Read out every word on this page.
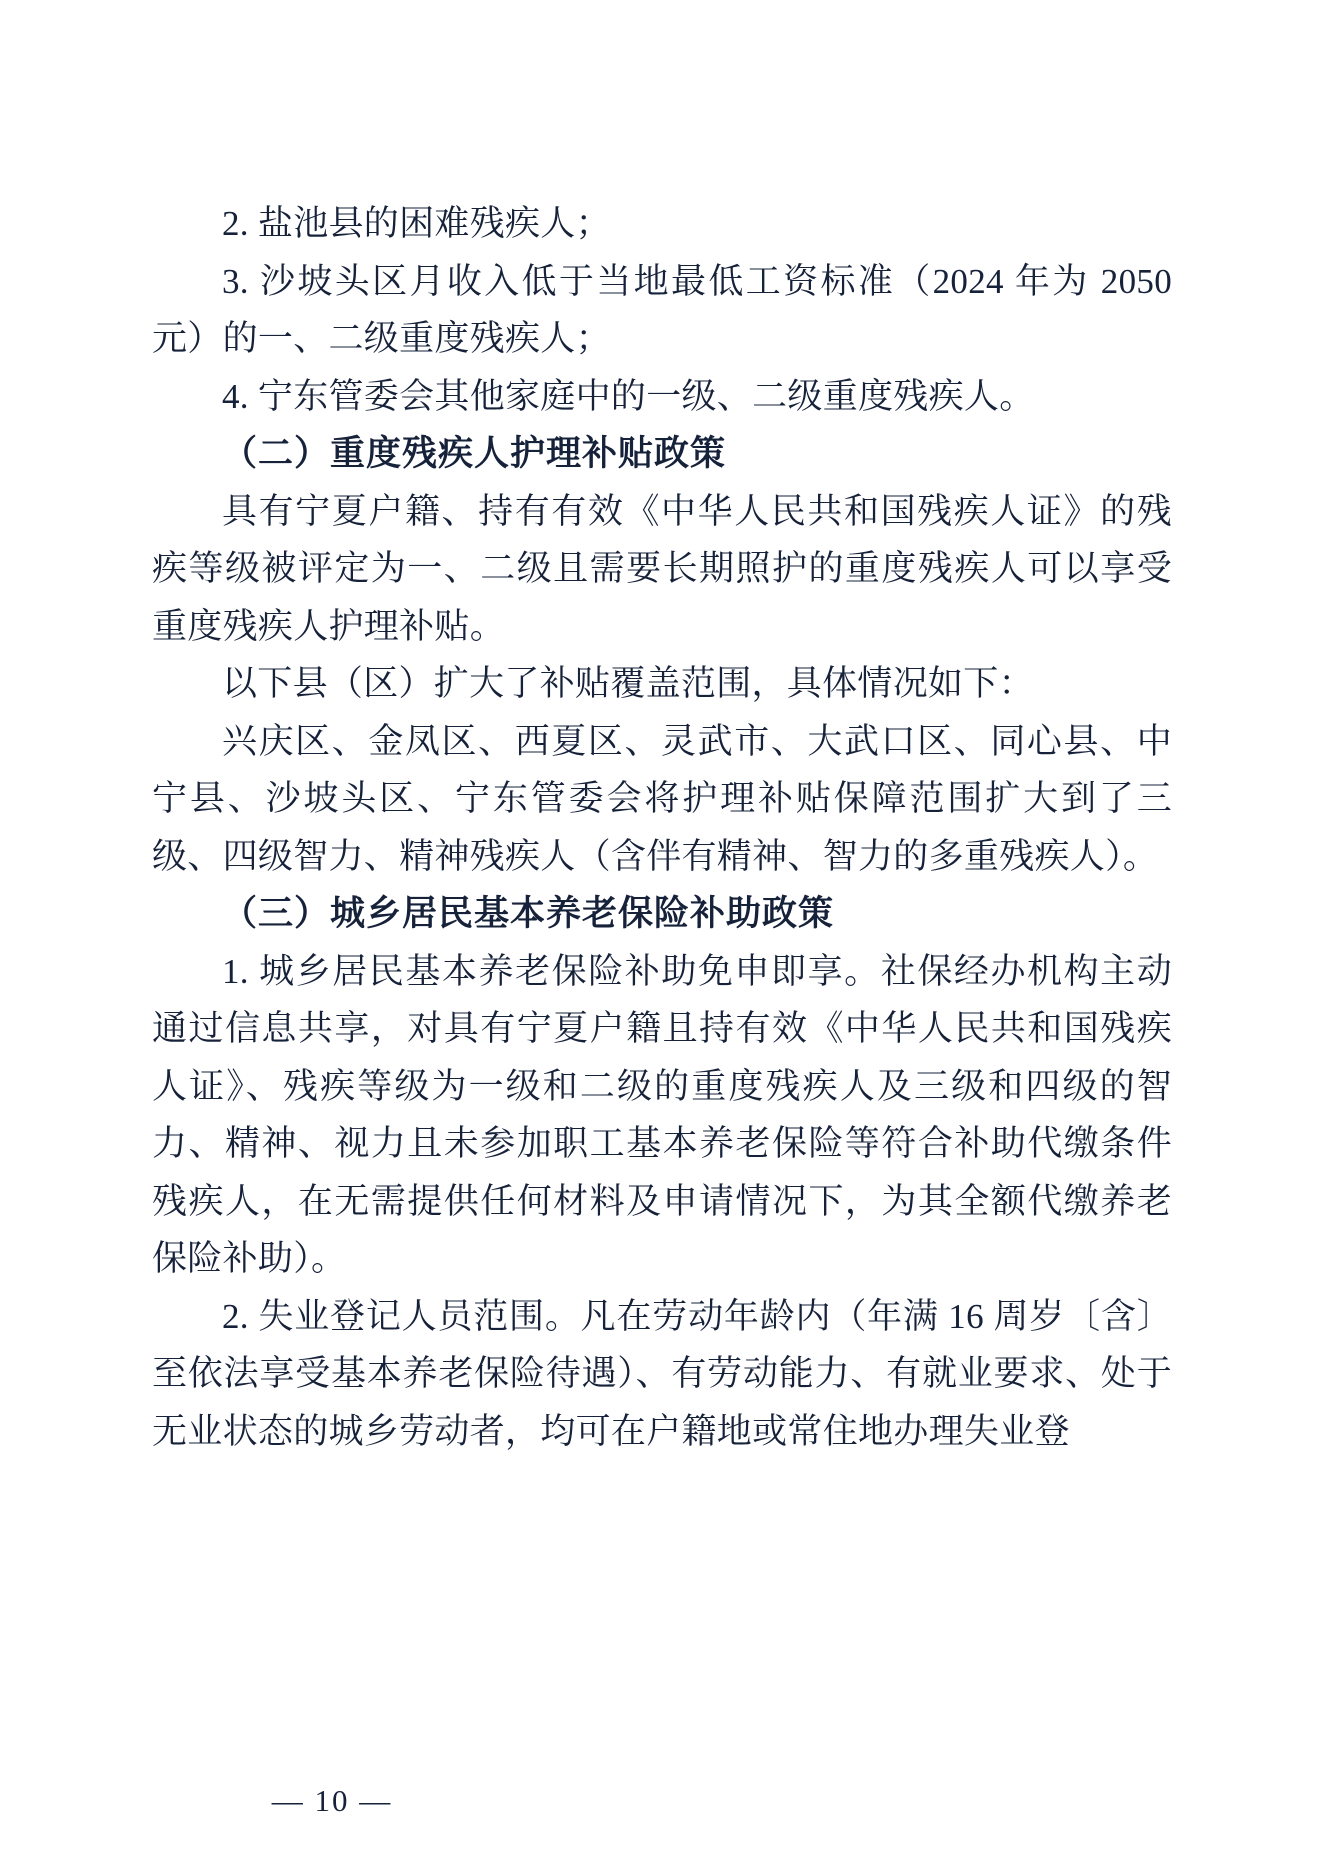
2. 盐池县的困难残疾人；

3. 沙坡头区月收入低于当地最低工资标准（2024 年为 2050 元）的一、二级重度残疾人；

4. 宁东管委会其他家庭中的一级、二级重度残疾人。

（二）重度残疾人护理补贴政策

具有宁夏户籍、持有有效《中华人民共和国残疾人证》的残疾等级被评定为一、二级且需要长期照护的重度残疾人可以享受重度残疾人护理补贴。

以下县（区）扩大了补贴覆盖范围，具体情况如下：

兴庆区、金凤区、西夏区、灵武市、大武口区、同心县、中宁县、沙坡头区、宁东管委会将护理补贴保障范围扩大到了三级、四级智力、精神残疾人（含伴有精神、智力的多重残疾人）。

（三）城乡居民基本养老保险补助政策

1. 城乡居民基本养老保险补助免申即享。社保经办机构主动通过信息共享，对具有宁夏户籍且持有效《中华人民共和国残疾人证》、残疾等级为一级和二级的重度残疾人及三级和四级的智力、精神、视力且未参加职工基本养老保险等符合补助代缴条件残疾人，在无需提供任何材料及申请情况下，为其全额代缴养老保险补助）。

2. 失业登记人员范围。凡在劳动年龄内（年满 16 周岁〔含〕至依法享受基本养老保险待遇）、有劳动能力、有就业要求、处于无业状态的城乡劳动者，均可在户籍地或常住地办理失业登

— 10 —
